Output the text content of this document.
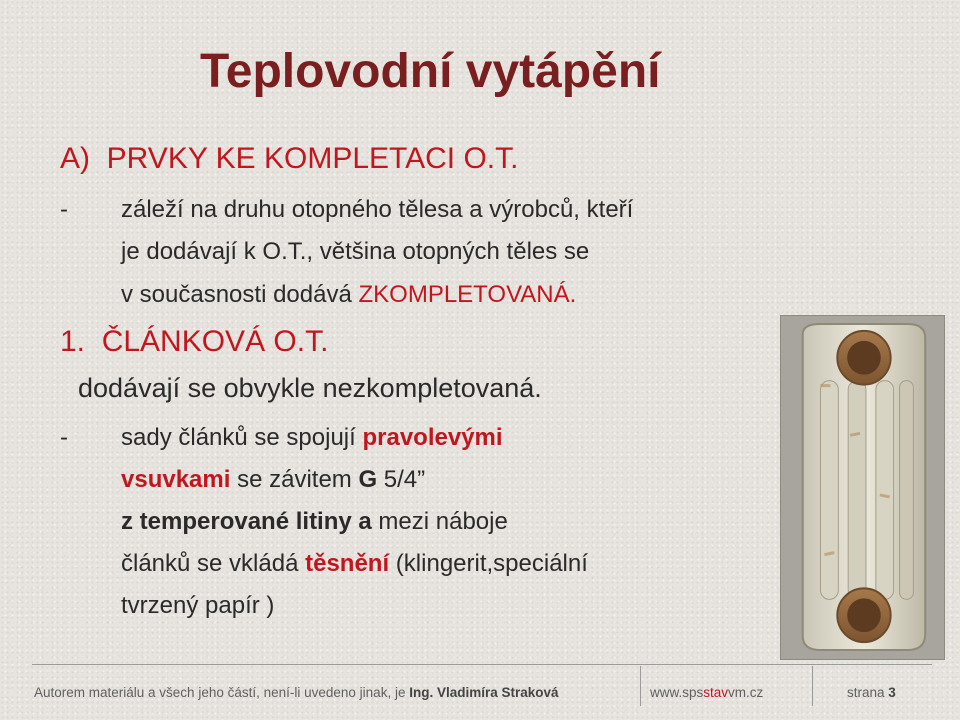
Teplovodní vytápění
A)  PRVKY KE KOMPLETACI O.T.
- záleží na druhu otopného tělesa a výrobců, kteří
je dodávají k O.T., většina otopných těles se
v současnosti dodává ZKOMPLETOVANÁ.
1.  ČLÁNKOVÁ O.T.
dodávají se obvykle nezkompletovaná.
- sady článků se spojují pravolevými
vsuvkami se závitem G 5/4”
z temperované litiny a mezi náboje
článků se vkládá těsnění (klingerit,speciální
tvrzený papír )
Autorem materiálu a všech jeho částí, není-li uvedeno jinak, je Ing. Vladimíra Straková	www.spsstavvm.cz	strana 3
